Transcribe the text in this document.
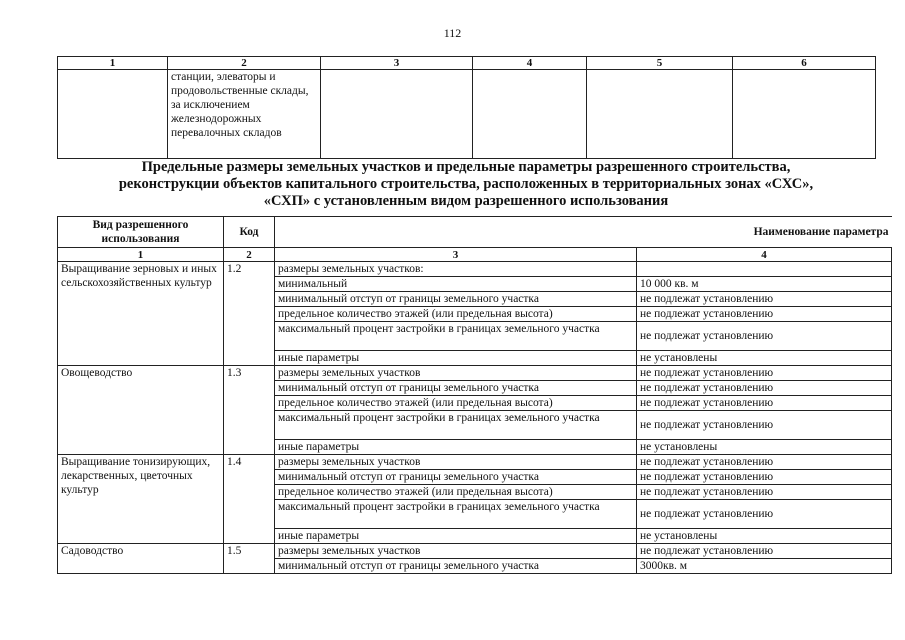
112
1	2	3	4	5	6
	станции, элеваторы и продовольственные склады, за исключением железнодорожных перевалочных складов				
Предельные размеры земельных участков и предельные параметры разрешенного строительства,
реконструкции объектов капитального строительства, расположенных в территориальных зонах «СХС»,
«СХП» с установленным видом разрешенного использования
Вид разрешенного использования	Код	Наименование параметра	
1	2	3	4
Выращивание зерновых и иных сельскохозяйственных культур	1.2	размеры земельных участков:	
		минимальный	10 000 кв. м
		минимальный отступ от границы земельного участка	не подлежат установлению
		предельное количество этажей (или предельная высота)	не подлежат установлению
		максимальный процент застройки в границах земельного участка	не подлежат установлению
		иные параметры	не установлены
Овощеводство	1.3	размеры земельных участков	не подлежат установлению
		минимальный отступ от границы земельного участка	не подлежат установлению
		предельное количество этажей (или предельная высота)	не подлежат установлению
		максимальный процент застройки в границах земельного участка	не подлежат установлению
		иные параметры	не установлены
Выращивание тонизирующих, лекарственных, цветочных культур	1.4	размеры земельных участков	не подлежат установлению
		минимальный отступ от границы земельного участка	не подлежат установлению
		предельное количество этажей (или предельная высота)	не подлежат установлению
		максимальный процент застройки в границах земельного участка	не подлежат установлению
		иные параметры	не установлены
Садоводство	1.5	размеры земельных участков	не подлежат установлению
		минимальный отступ от границы земельного участка	3000кв. м
